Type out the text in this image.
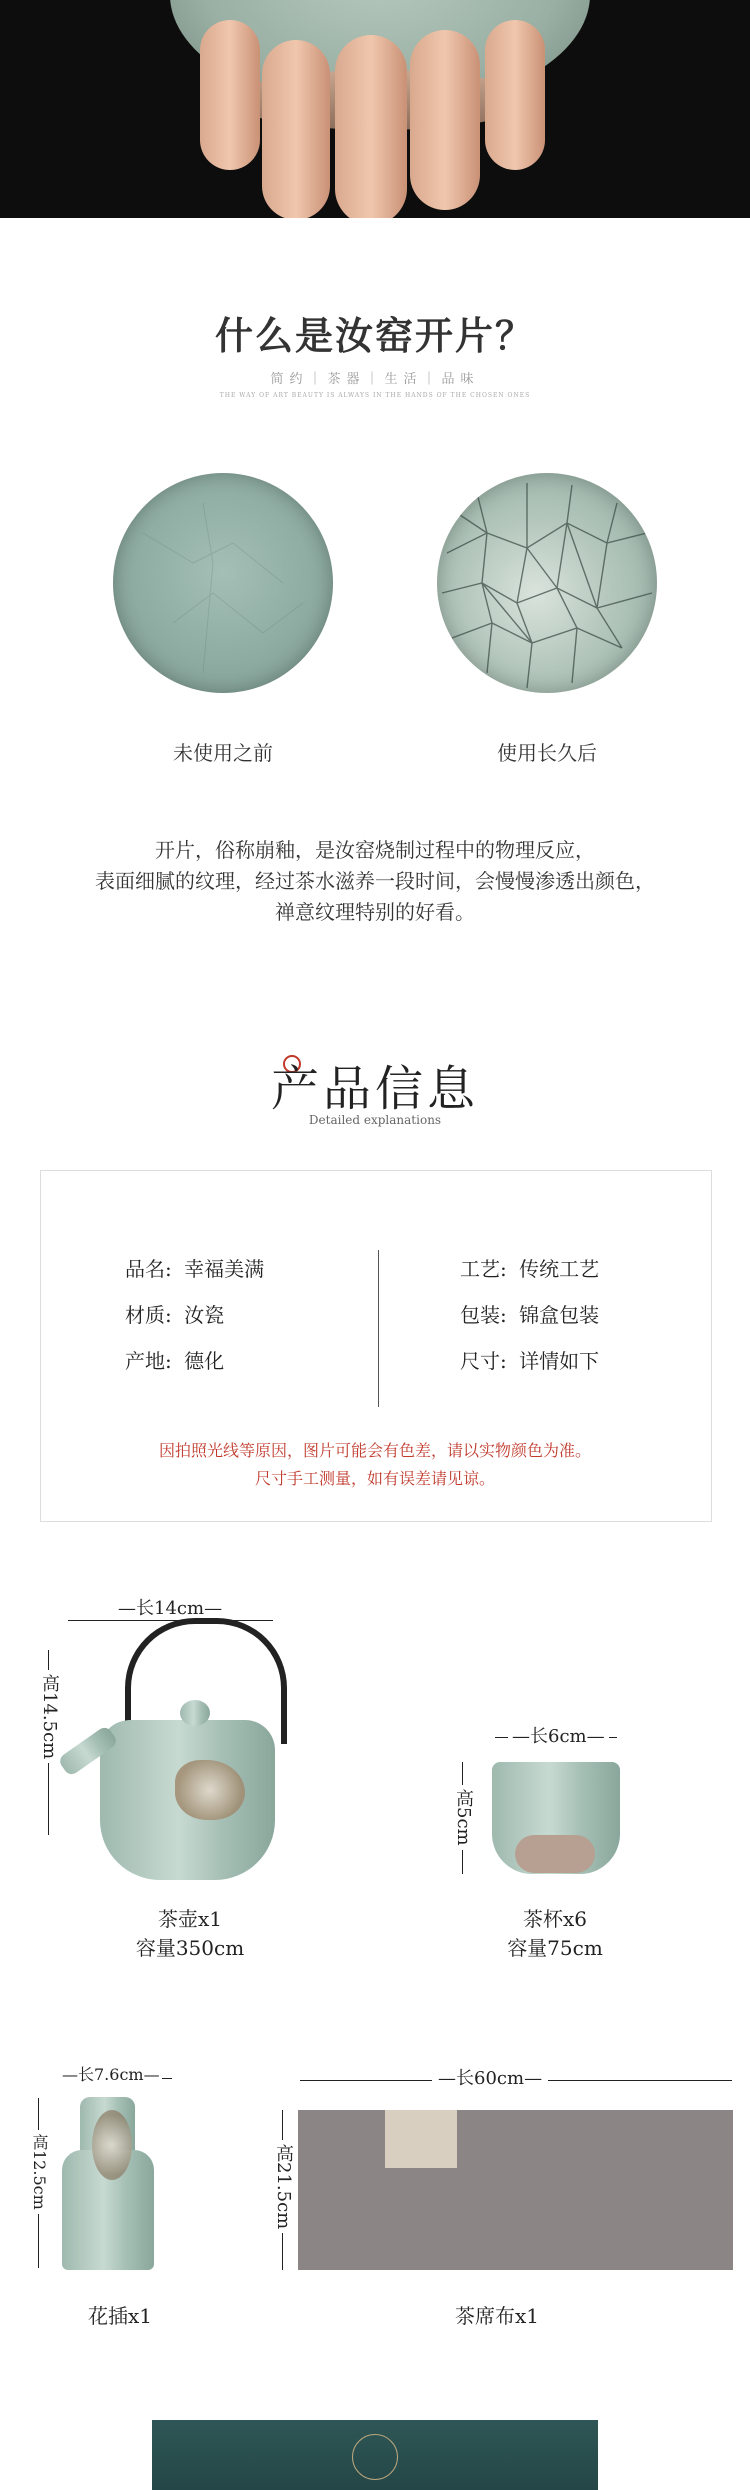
什么是汝窑开片？
简约｜茶器｜生活｜品味
THE WAY OF ART BEAUTY IS ALWAYS IN THE HANDS OF THE CHOSEN ONES
未使用之前	使用长久后
开片，俗称崩釉，是汝窑烧制过程中的物理反应，
表面细腻的纹理，经过茶水滋养一段时间，会慢慢渗透出颜色，
禅意纹理特别的好看。
产品信息
Detailed explanations
品名: 幸福美满
材质: 汝瓷
产地: 德化
工艺: 传统工艺
包装: 锦盒包装
尺寸: 详情如下
因拍照光线等原因，图片可能会有色差，请以实物颜色为准。
尺寸手工测量，如有误差请见谅。
—长14cm—
高14.5cm
茶壶x1
容量350cm
—长6cm—
高5cm
茶杯x6
容量75cm
—长7.6cm—
高12.5cm
花插x1
—长60cm—
高21.5cm
茶席布x1
